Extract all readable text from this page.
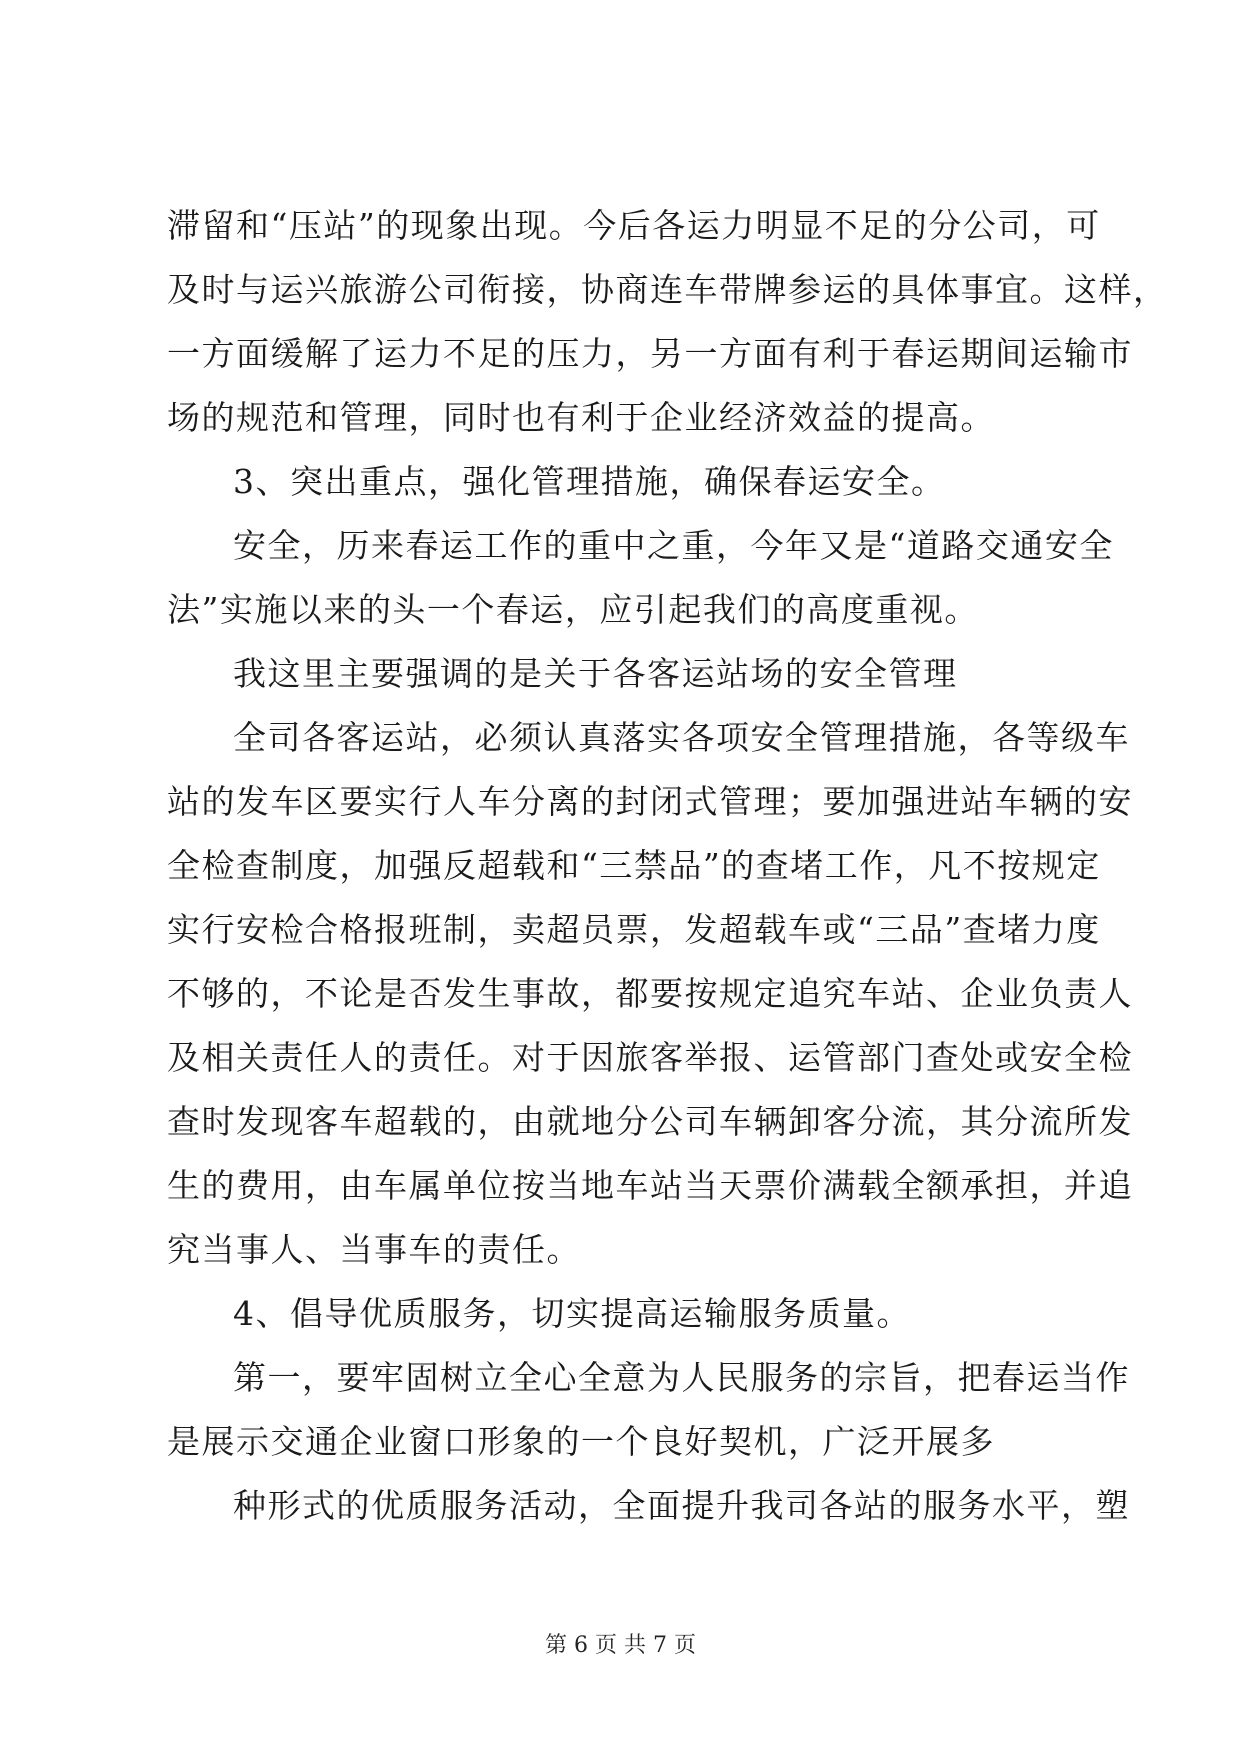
滞留和“压站”的现象出现。今后各运力明显不足的分公司，可
及时与运兴旅游公司衔接，协商连车带牌参运的具体事宜。这样，
一方面缓解了运力不足的压力，另一方面有利于春运期间运输市
场的规范和管理，同时也有利于企业经济效益的提高。
3、突出重点，强化管理措施，确保春运安全。
安全，历来春运工作的重中之重，今年又是“道路交通安全
法”实施以来的头一个春运，应引起我们的高度重视。
我这里主要强调的是关于各客运站场的安全管理
全司各客运站，必须认真落实各项安全管理措施，各等级车
站的发车区要实行人车分离的封闭式管理；要加强进站车辆的安
全检查制度，加强反超载和“三禁品”的查堵工作，凡不按规定
实行安检合格报班制，卖超员票，发超载车或“三品”查堵力度
不够的，不论是否发生事故，都要按规定追究车站、企业负责人
及相关责任人的责任。对于因旅客举报、运管部门查处或安全检
查时发现客车超载的，由就地分公司车辆卸客分流，其分流所发
生的费用，由车属单位按当地车站当天票价满载全额承担，并追
究当事人、当事车的责任。
4、倡导优质服务，切实提高运输服务质量。
第一，要牢固树立全心全意为人民服务的宗旨，把春运当作
是展示交通企业窗口形象的一个良好契机，广泛开展多
种形式的优质服务活动，全面提升我司各站的服务水平，塑
第 6 页 共 7 页
